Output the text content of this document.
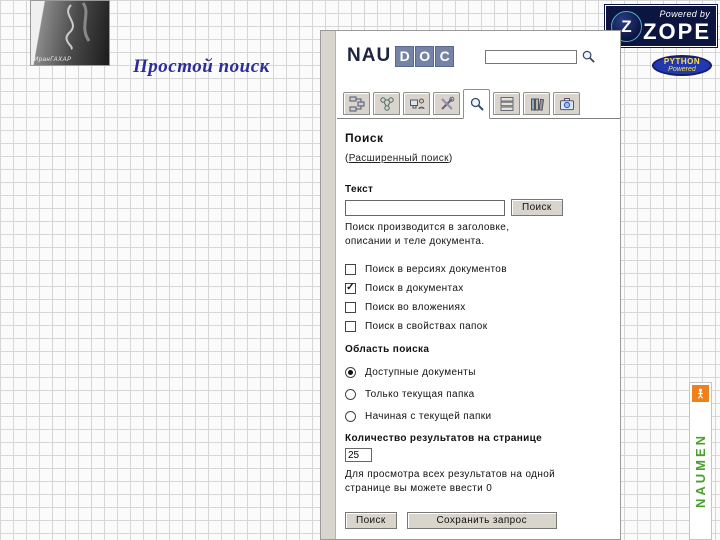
ИранГАХАР	Простой поиск
Z
Powered by
ZOPE
PYTHON
Powered
NAU D O C
Поиск
(Расширенный поиск)
Текст
Поиск
Поиск производится в заголовке, описании и теле документа.
Поиск в версиях документов
✓
Поиск в документах
Поиск во вложениях
Поиск в свойствах папок
Область поиска
Доступные документы
Только текущая папка
Начиная с текущей папки
Количество результатов на странице
25
Для просмотра всех результатов на одной странице вы можете ввести 0
Поиск	Сохранить запрос
NAUMEN
